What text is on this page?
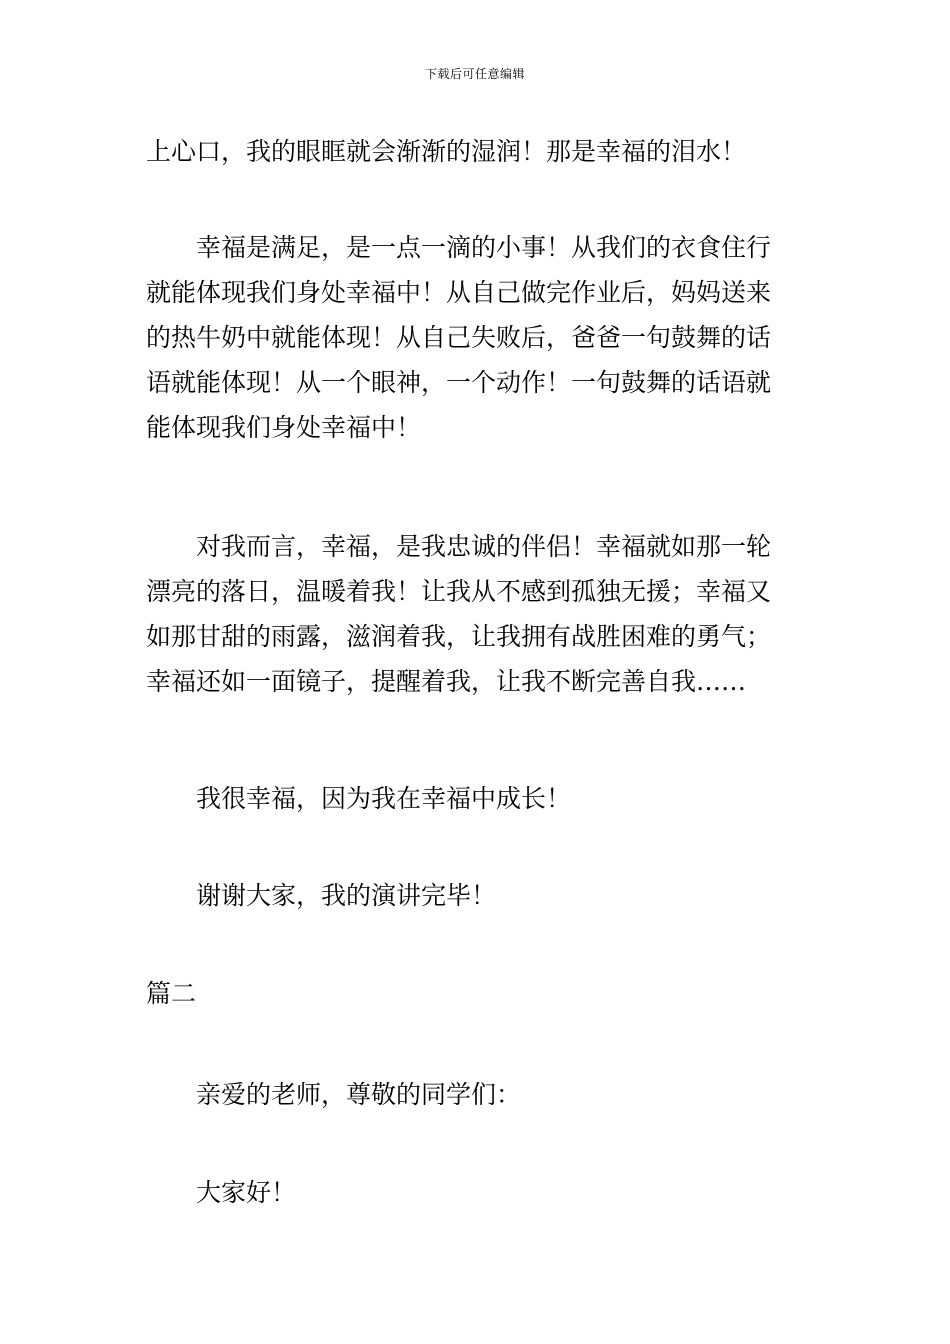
下载后可任意编辑

上心口，我的眼眶就会渐渐的湿润！那是幸福的泪水！

幸福是满足，是一点一滴的小事！从我们的衣食住行
就能体现我们身处幸福中！从自己做完作业后，妈妈送来
的热牛奶中就能体现！从自己失败后，爸爸一句鼓舞的话
语就能体现！从一个眼神，一个动作！一句鼓舞的话语就
能体现我们身处幸福中！

对我而言，幸福，是我忠诚的伴侣！幸福就如那一轮
漂亮的落日，温暖着我！让我从不感到孤独无援；幸福又
如那甘甜的雨露，滋润着我，让我拥有战胜困难的勇气；
幸福还如一面镜子，提醒着我，让我不断完善自我……

我很幸福，因为我在幸福中成长！

谢谢大家，我的演讲完毕！

篇二

亲爱的老师，尊敬的同学们：

大家好！
